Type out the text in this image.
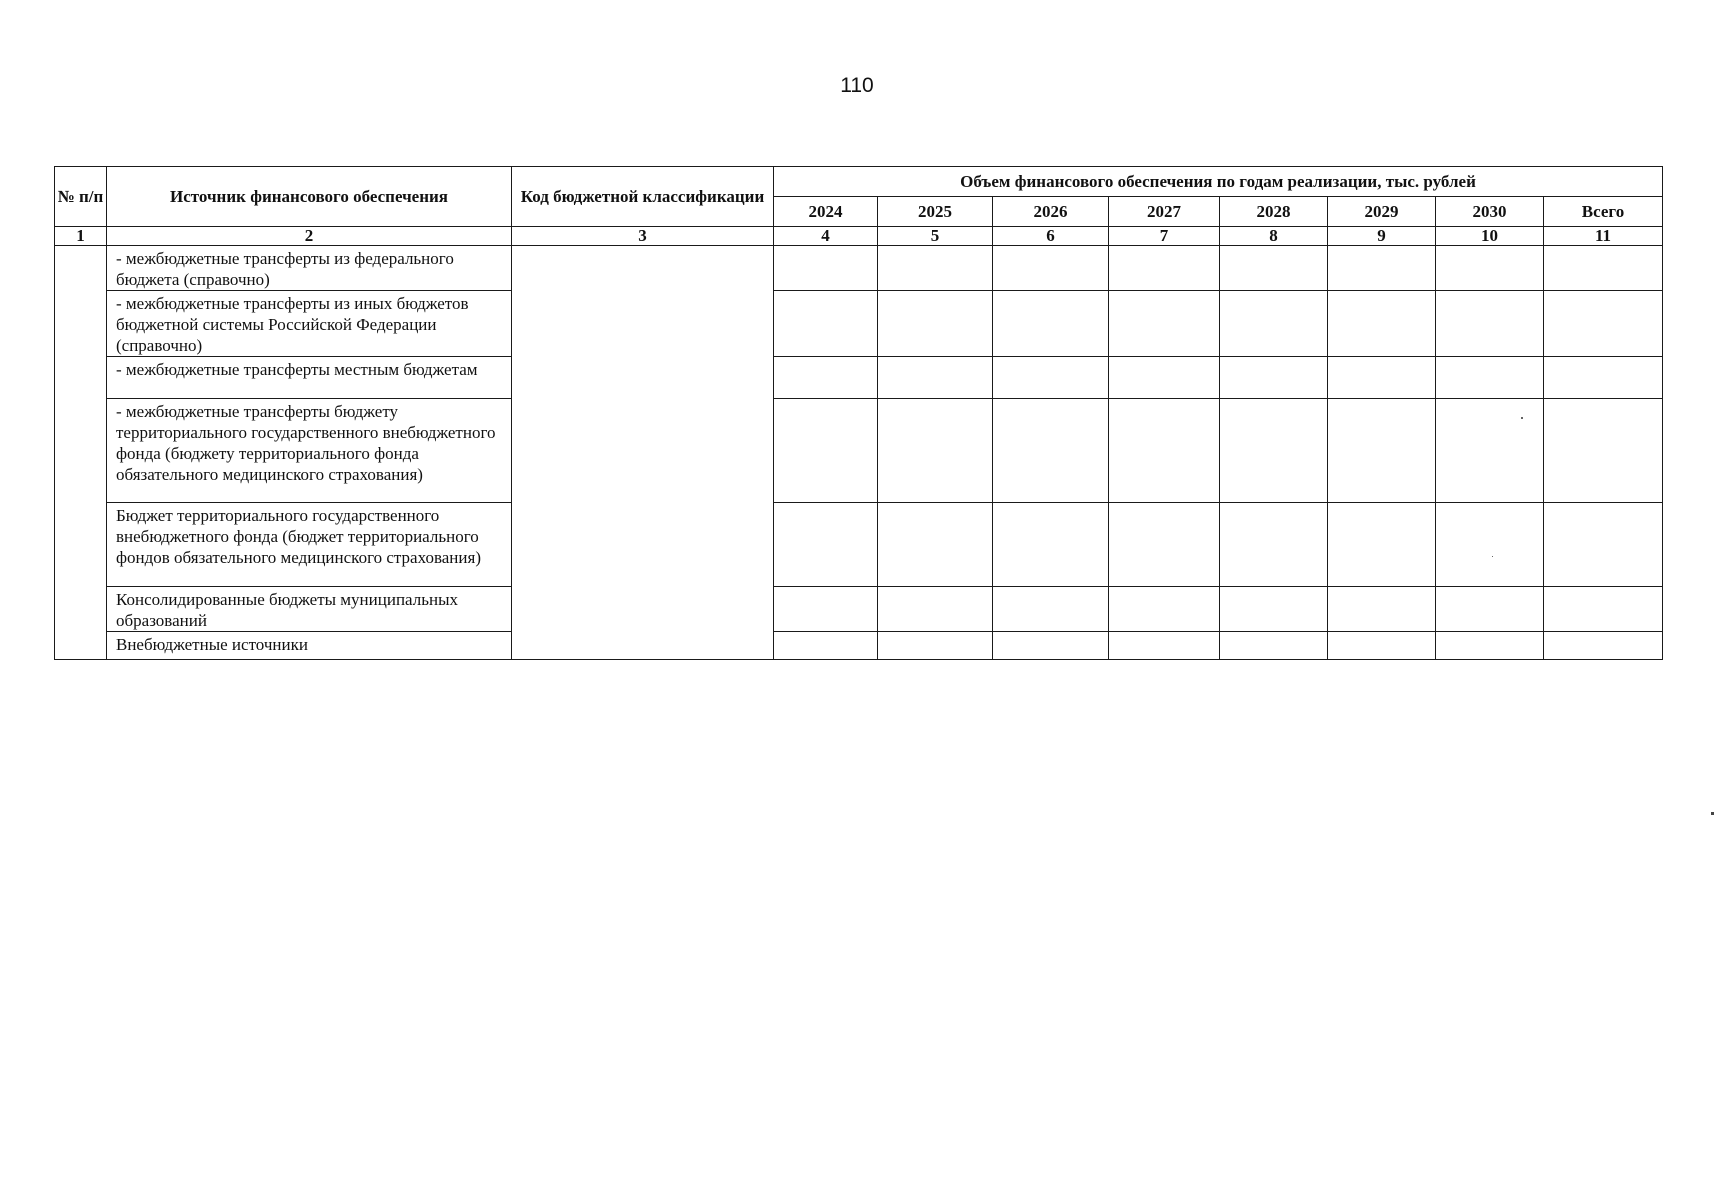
110
№ п/п	Источник финансового обеспечения	Код бюджетной классификации	Объем финансового обеспечения по годам реализации, тыс. рублей							
			2024	2025	2026	2027	2028	2029	2030	Всего
1	2	3	4	5	6	7	8	9	10	11
	- межбюджетные трансферты из федерального бюджета (справочно)									
	- межбюджетные трансферты из иных бюджетов бюджетной системы Российской Федерации (справочно)									
	- межбюджетные трансферты местным бюджетам									
	- межбюджетные трансферты бюджету территориального государственного внебюджетного фонда (бюджету территориального фонда обязательного медицинского страхования)									
	Бюджет территориального государственного внебюджетного фонда (бюджет территориального фондов обязательного медицинского страхования)									
	Консолидированные бюджеты муниципальных образований									
	Внебюджетные источники									
